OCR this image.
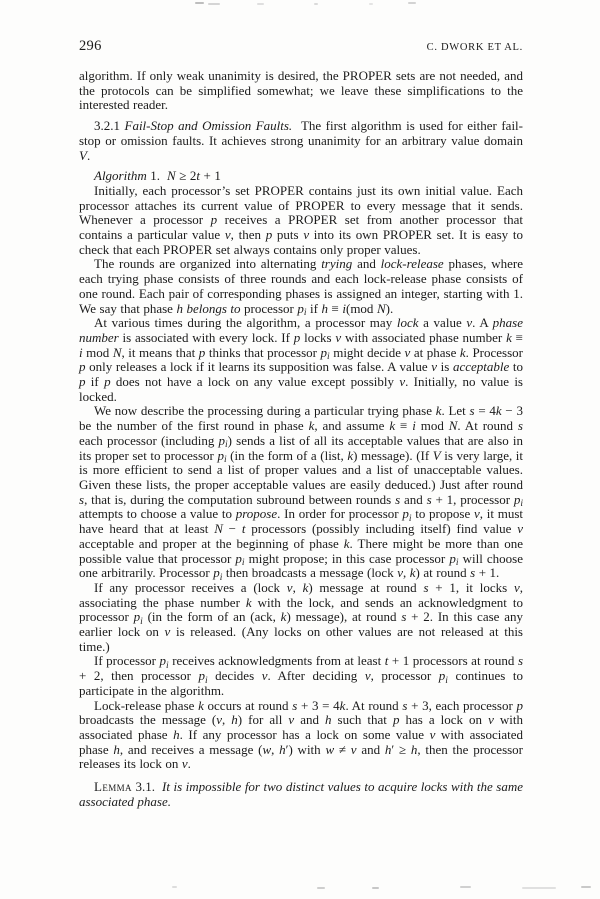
296	C. DWORK ET AL.

algorithm. If only weak unanimity is desired, the PROPER sets are not needed, and the protocols can be simplified somewhat; we leave these simplifications to the interested reader.

3.2.1 Fail-Stop and Omission Faults.  The first algorithm is used for either fail-stop or omission faults. It achieves strong unanimity for an arbitrary value domain V.

Algorithm 1.  N ≥ 2t + 1

Initially, each processor’s set PROPER contains just its own initial value. Each processor attaches its current value of PROPER to every message that it sends. Whenever a processor p receives a PROPER set from another processor that contains a particular value v, then p puts v into its own PROPER set. It is easy to check that each PROPER set always contains only proper values.

The rounds are organized into alternating trying and lock-release phases, where each trying phase consists of three rounds and each lock-release phase consists of one round. Each pair of corresponding phases is assigned an integer, starting with 1. We say that phase h belongs to processor pi if h ≡ i(mod N).

At various times during the algorithm, a processor may lock a value v. A phase number is associated with every lock. If p locks v with associated phase number k ≡ i mod N, it means that p thinks that processor pi might decide v at phase k. Processor p only releases a lock if it learns its supposition was false. A value v is acceptable to p if p does not have a lock on any value except possibly v. Initially, no value is locked.

We now describe the processing during a particular trying phase k. Let s = 4k − 3 be the number of the first round in phase k, and assume k ≡ i mod N. At round s each processor (including pi) sends a list of all its acceptable values that are also in its proper set to processor pi (in the form of a (list, k) message). (If V is very large, it is more efficient to send a list of proper values and a list of unacceptable values. Given these lists, the proper acceptable values are easily deduced.) Just after round s, that is, during the computation subround between rounds s and s + 1, processor pi attempts to choose a value to propose. In order for processor pi to propose v, it must have heard that at least N − t processors (possibly including itself) find value v acceptable and proper at the beginning of phase k. There might be more than one possible value that processor pi might propose; in this case processor pi will choose one arbitrarily. Processor pi then broadcasts a message (lock v, k) at round s + 1.

If any processor receives a (lock v, k) message at round s + 1, it locks v, associating the phase number k with the lock, and sends an acknowledgment to processor pi (in the form of an (ack, k) message), at round s + 2. In this case any earlier lock on v is released. (Any locks on other values are not released at this time.)

If processor pi receives acknowledgments from at least t + 1 processors at round s + 2, then processor pi decides v. After deciding v, processor pi continues to participate in the algorithm.

Lock-release phase k occurs at round s + 3 = 4k. At round s + 3, each processor p broadcasts the message (v, h) for all v and h such that p has a lock on v with associated phase h. If any processor has a lock on some value v with associated phase h, and receives a message (w, h′) with w ≠ v and h′ ≥ h, then the processor releases its lock on v.

Lemma 3.1.  It is impossible for two distinct values to acquire locks with the same associated phase.
